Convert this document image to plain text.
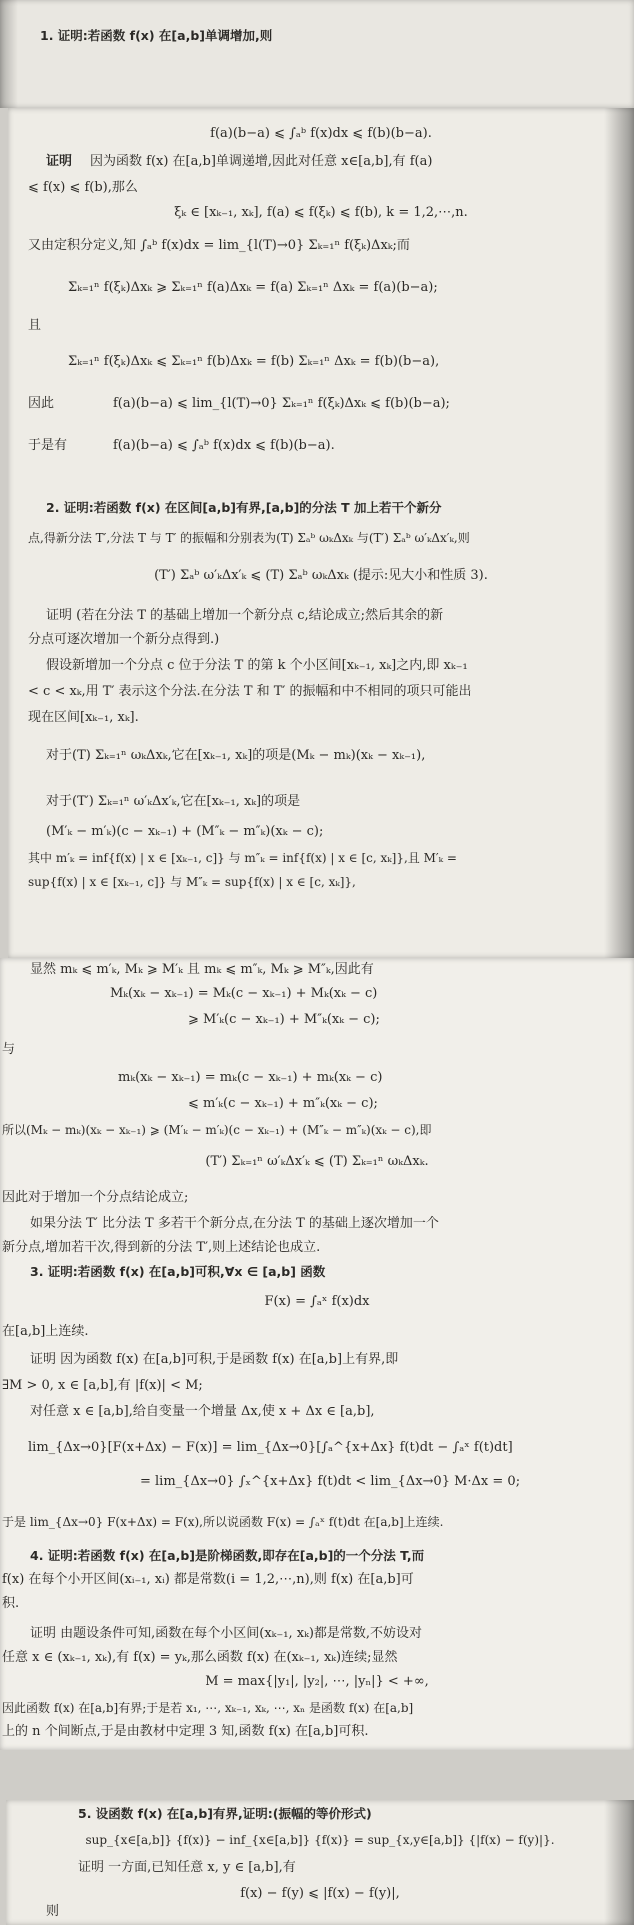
1. 证明:若函数 f(x) 在[a,b]单调增加,则
f(a)(b−a) ⩽ ∫ₐᵇ f(x)dx ⩽ f(b)(b−a).
证明 因为函数 f(x) 在[a,b]单调递增,因此对任意 x∈[a,b],有 f(a)
⩽ f(x) ⩽ f(b),那么
ξₖ ∈ [xₖ₋₁, xₖ], f(a) ⩽ f(ξₖ) ⩽ f(b), k = 1,2,⋯,n.
又由定积分定义,知 ∫ₐᵇ f(x)dx = lim_{l(T)→0} Σₖ₌₁ⁿ f(ξₖ)Δxₖ;而
Σₖ₌₁ⁿ f(ξₖ)Δxₖ ⩾ Σₖ₌₁ⁿ f(a)Δxₖ = f(a) Σₖ₌₁ⁿ Δxₖ = f(a)(b−a);
且
Σₖ₌₁ⁿ f(ξₖ)Δxₖ ⩽ Σₖ₌₁ⁿ f(b)Δxₖ = f(b) Σₖ₌₁ⁿ Δxₖ = f(b)(b−a),
因此	f(a)(b−a) ⩽ lim_{l(T)→0} Σₖ₌₁ⁿ f(ξₖ)Δxₖ ⩽ f(b)(b−a);
于是有	f(a)(b−a) ⩽ ∫ₐᵇ f(x)dx ⩽ f(b)(b−a).
2. 证明:若函数 f(x) 在区间[a,b]有界,[a,b]的分法 T 加上若干个新分
点,得新分法 T′,分法 T 与 T′ 的振幅和分别表为(T) Σₐᵇ ωₖΔxₖ 与(T′) Σₐᵇ ω′ₖΔx′ₖ,则
(T′) Σₐᵇ ω′ₖΔx′ₖ ⩽ (T) Σₐᵇ ωₖΔxₖ (提示:见大小和性质 3).
证明 (若在分法 T 的基础上增加一个新分点 c,结论成立;然后其余的新
分点可逐次增加一个新分点得到.)
假设新增加一个分点 c 位于分法 T 的第 k 个小区间[xₖ₋₁, xₖ]之内,即 xₖ₋₁
< c < xₖ,用 T′ 表示这个分法.在分法 T 和 T′ 的振幅和中不相同的项只可能出
现在区间[xₖ₋₁, xₖ].
对于(T) Σₖ₌₁ⁿ ωₖΔxₖ,它在[xₖ₋₁, xₖ]的项是(Mₖ − mₖ)(xₖ − xₖ₋₁),
对于(T′) Σₖ₌₁ⁿ ω′ₖΔx′ₖ,它在[xₖ₋₁, xₖ]的项是
(M′ₖ − m′ₖ)(c − xₖ₋₁) + (M″ₖ − m″ₖ)(xₖ − c);
其中 m′ₖ = inf{f(x) | x ∈ [xₖ₋₁, c]} 与 m″ₖ = inf{f(x) | x ∈ [c, xₖ]},且 M′ₖ =
sup{f(x) | x ∈ [xₖ₋₁, c]} 与 M″ₖ = sup{f(x) | x ∈ [c, xₖ]},
显然 mₖ ⩽ m′ₖ, Mₖ ⩾ M′ₖ 且 mₖ ⩽ m″ₖ, Mₖ ⩾ M″ₖ,因此有
Mₖ(xₖ − xₖ₋₁) = Mₖ(c − xₖ₋₁) + Mₖ(xₖ − c)
⩾ M′ₖ(c − xₖ₋₁) + M″ₖ(xₖ − c);
与
mₖ(xₖ − xₖ₋₁) = mₖ(c − xₖ₋₁) + mₖ(xₖ − c)
⩽ m′ₖ(c − xₖ₋₁) + m″ₖ(xₖ − c);
所以(Mₖ − mₖ)(xₖ − xₖ₋₁) ⩾ (M′ₖ − m′ₖ)(c − xₖ₋₁) + (M″ₖ − m″ₖ)(xₖ − c),即
(T′) Σₖ₌₁ⁿ ω′ₖΔx′ₖ ⩽ (T) Σₖ₌₁ⁿ ωₖΔxₖ.
因此对于增加一个分点结论成立;
如果分法 T′ 比分法 T 多若干个新分点,在分法 T 的基础上逐次增加一个
新分点,增加若干次,得到新的分法 T′,则上述结论也成立.
3. 证明:若函数 f(x) 在[a,b]可积,∀x ∈ [a,b] 函数
F(x) = ∫ₐˣ f(x)dx
在[a,b]上连续.
证明 因为函数 f(x) 在[a,b]可积,于是函数 f(x) 在[a,b]上有界,即
∃M > 0, x ∈ [a,b],有 |f(x)| < M;
对任意 x ∈ [a,b],给自变量一个增量 Δx,使 x + Δx ∈ [a,b],
lim_{Δx→0}[F(x+Δx) − F(x)] = lim_{Δx→0}[∫ₐ^{x+Δx} f(t)dt − ∫ₐˣ f(t)dt]
= lim_{Δx→0} ∫ₓ^{x+Δx} f(t)dt < lim_{Δx→0} M·Δx = 0;
于是 lim_{Δx→0} F(x+Δx) = F(x),所以说函数 F(x) = ∫ₐˣ f(t)dt 在[a,b]上连续.
4. 证明:若函数 f(x) 在[a,b]是阶梯函数,即存在[a,b]的一个分法 T,而
f(x) 在每个小开区间(xᵢ₋₁, xᵢ) 都是常数(i = 1,2,⋯,n),则 f(x) 在[a,b]可
积.
证明 由题设条件可知,函数在每个小区间(xₖ₋₁, xₖ)都是常数,不妨设对
任意 x ∈ (xₖ₋₁, xₖ),有 f(x) = yₖ,那么函数 f(x) 在(xₖ₋₁, xₖ)连续;显然
M = max{|y₁|, |y₂|, ⋯, |yₙ|} < +∞,
因此函数 f(x) 在[a,b]有界;于是若 x₁, ⋯, xₖ₋₁, xₖ, ⋯, xₙ 是函数 f(x) 在[a,b]
上的 n 个间断点,于是由教材中定理 3 知,函数 f(x) 在[a,b]可积.
5. 设函数 f(x) 在[a,b]有界,证明:(振幅的等价形式)
sup_{x∈[a,b]} {f(x)} − inf_{x∈[a,b]} {f(x)} = sup_{x,y∈[a,b]} {|f(x) − f(y)|}.
证明 一方面,已知任意 x, y ∈ [a,b],有
f(x) − f(y) ⩽ |f(x) − f(y)|,
则
